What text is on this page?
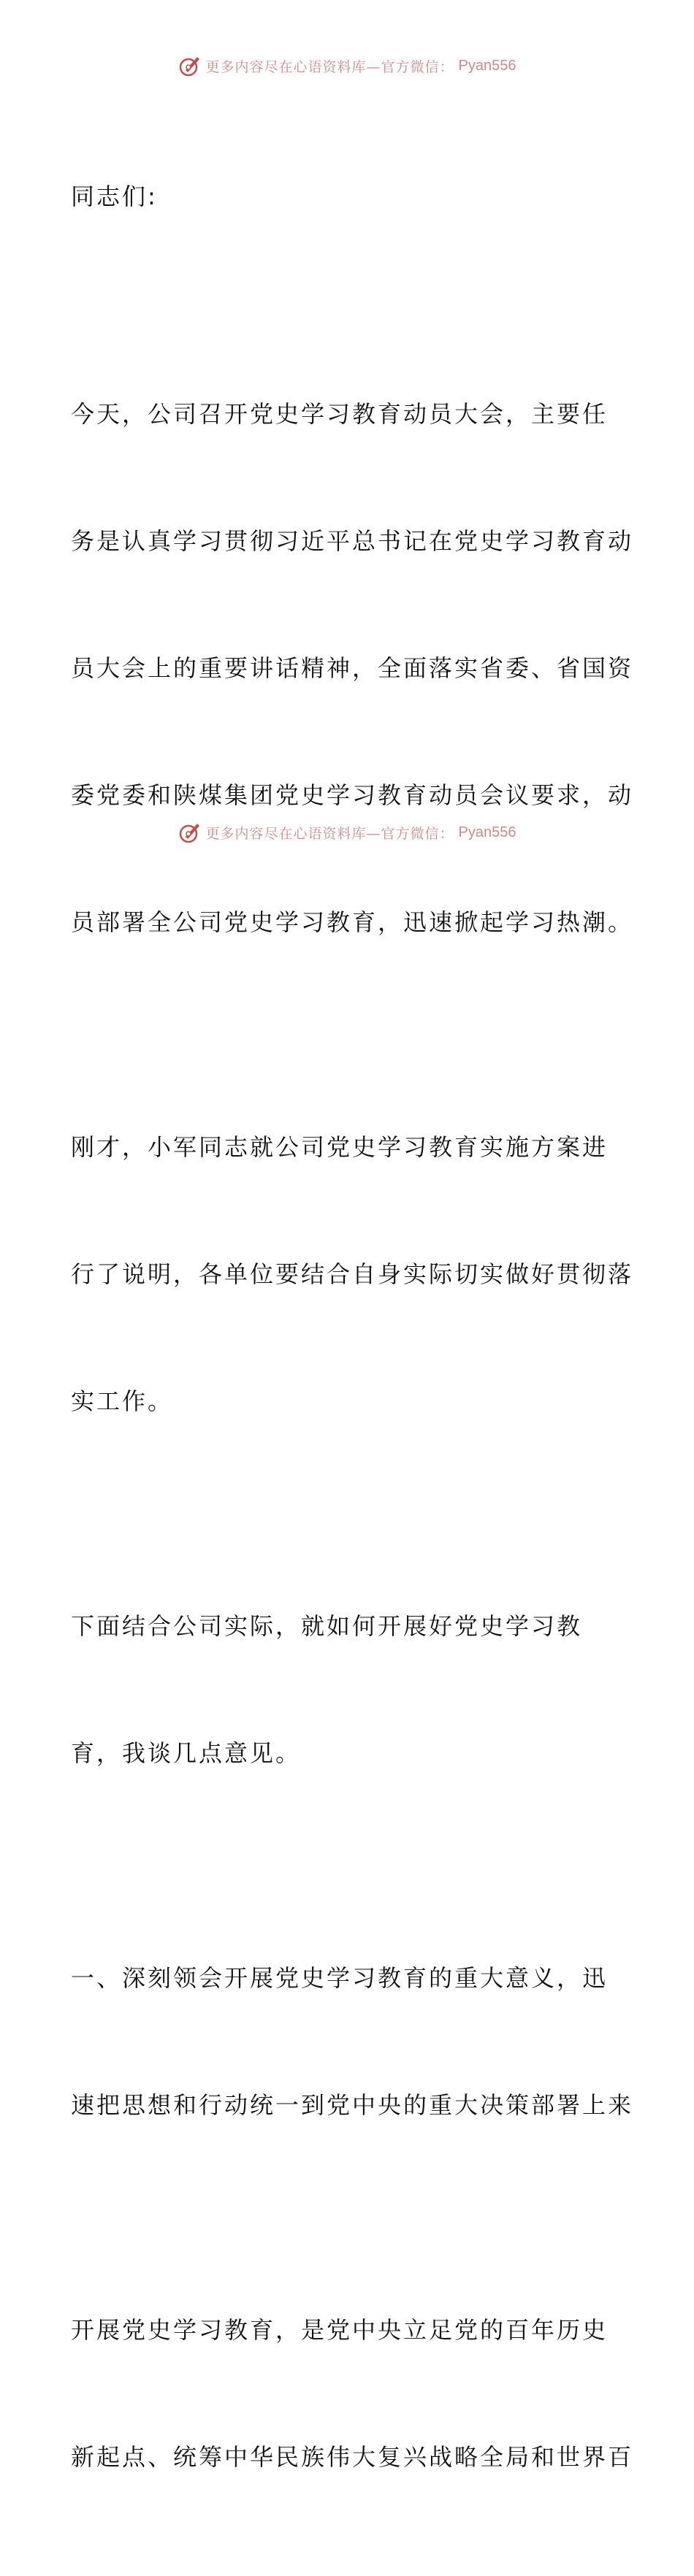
更多内容尽在心语资料库—官方微信： Pyan556

同志们:

今天，公司召开党史学习教育动员大会，主要任

务是认真学习贯彻习近平总书记在党史学习教育动

员大会上的重要讲话精神，全面落实省委、省国资

委党委和陕煤集团党史学习教育动员会议要求，动

员部署全公司党史学习教育，迅速掀起学习热潮。

刚才，小军同志就公司党史学习教育实施方案进

行了说明，各单位要结合自身实际切实做好贯彻落

实工作。

下面结合公司实际，就如何开展好党史学习教

育，我谈几点意见。

一、深刻领会开展党史学习教育的重大意义，迅

速把思想和行动统一到党中央的重大决策部署上来

开展党史学习教育，是党中央立足党的百年历史

新起点、统筹中华民族伟大复兴战略全局和世界百

更多内容尽在心语资料库—官方微信： Pyan556
